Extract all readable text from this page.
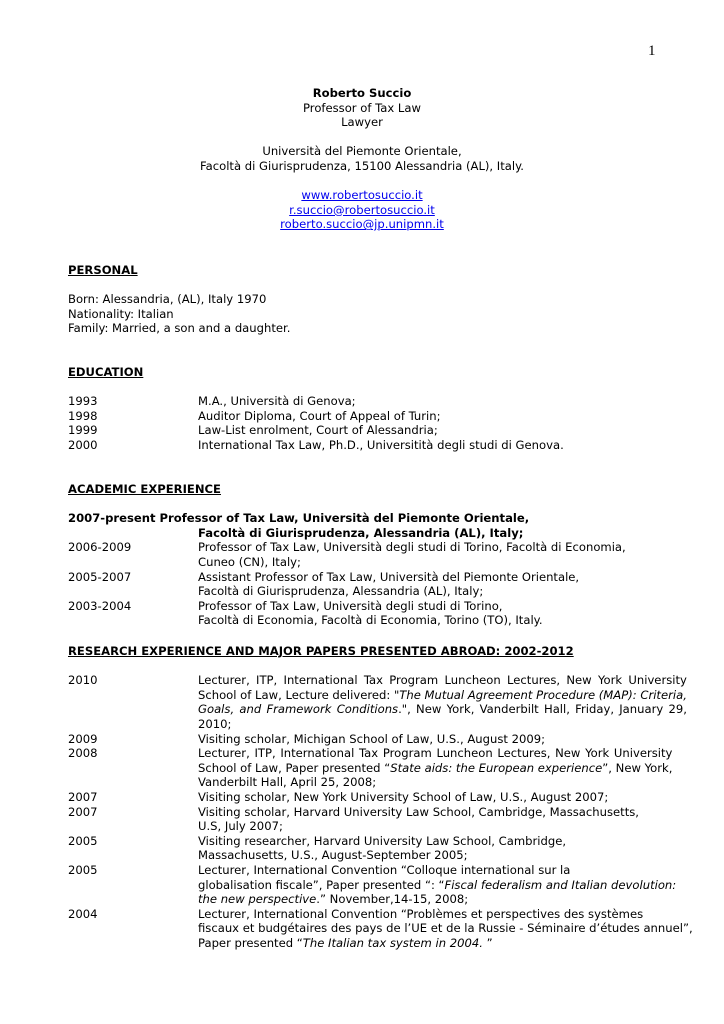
1
Roberto Succio
Professor of Tax Law
Lawyer
Università del Piemonte Orientale,
Facoltà di Giurisprudenza, 15100 Alessandria (AL), Italy.
www.robertosuccio.it
r.succio@robertosuccio.it
roberto.succio@jp.unipmn.it
PERSONAL
Born: Alessandria, (AL), Italy 1970
Nationality: Italian
Family: Married, a son and a daughter.
EDUCATION
1993	M.A., Università di Genova;
1998	Auditor Diploma, Court of Appeal of Turin;
1999	Law-List enrolment, Court of Alessandria;
2000	International Tax Law, Ph.D., Universitità degli studi di Genova.
ACADEMIC EXPERIENCE
2007-present Professor of Tax Law, Università del Piemonte Orientale,
Facoltà di Giurisprudenza, Alessandria (AL), Italy;
2006-2009	Professor of Tax Law, Università degli studi di Torino, Facoltà di Economia,
Cuneo (CN), Italy;
2005-2007	Assistant Professor of Tax Law, Università del Piemonte Orientale,
Facoltà di Giurisprudenza, Alessandria (AL), Italy;
2003-2004	Professor of Tax Law, Università degli studi di Torino,
Facoltà di Economia, Facoltà di Economia, Torino (TO), Italy.
RESEARCH EXPERIENCE AND MAJOR PAPERS PRESENTED ABROAD: 2002-2012
2010	Lecturer, ITP, International Tax Program Luncheon Lectures, New York University
School of Law, Lecture delivered: "The Mutual Agreement Procedure (MAP): Criteria,
Goals, and Framework Conditions.", New York, Vanderbilt Hall, Friday, January 29,
2010;
2009	Visiting scholar, Michigan School of Law, U.S., August 2009;
2008	Lecturer, ITP, International Tax Program Luncheon Lectures, New York University
School of Law, Paper presented “State aids: the European experience”, New York,
Vanderbilt Hall, April 25, 2008;
2007	Visiting scholar, New York University School of Law, U.S., August 2007;
2007	Visiting scholar, Harvard University Law School, Cambridge, Massachusetts,
U.S, July 2007;
2005	Visiting researcher, Harvard University Law School, Cambridge,
Massachusetts, U.S., August-September 2005;
2005	Lecturer, International Convention “Colloque international sur la
globalisation fiscale”, Paper presented “: “Fiscal federalism and Italian devolution:
the new perspective.” November,14-15, 2008;
2004	Lecturer, International Convention “Problèmes et perspectives des systèmes
fiscaux et budgétaires des pays de l’UE et de la Russie - Séminaire d’études annuel”,
Paper presented “The Italian tax system in 2004. ”
